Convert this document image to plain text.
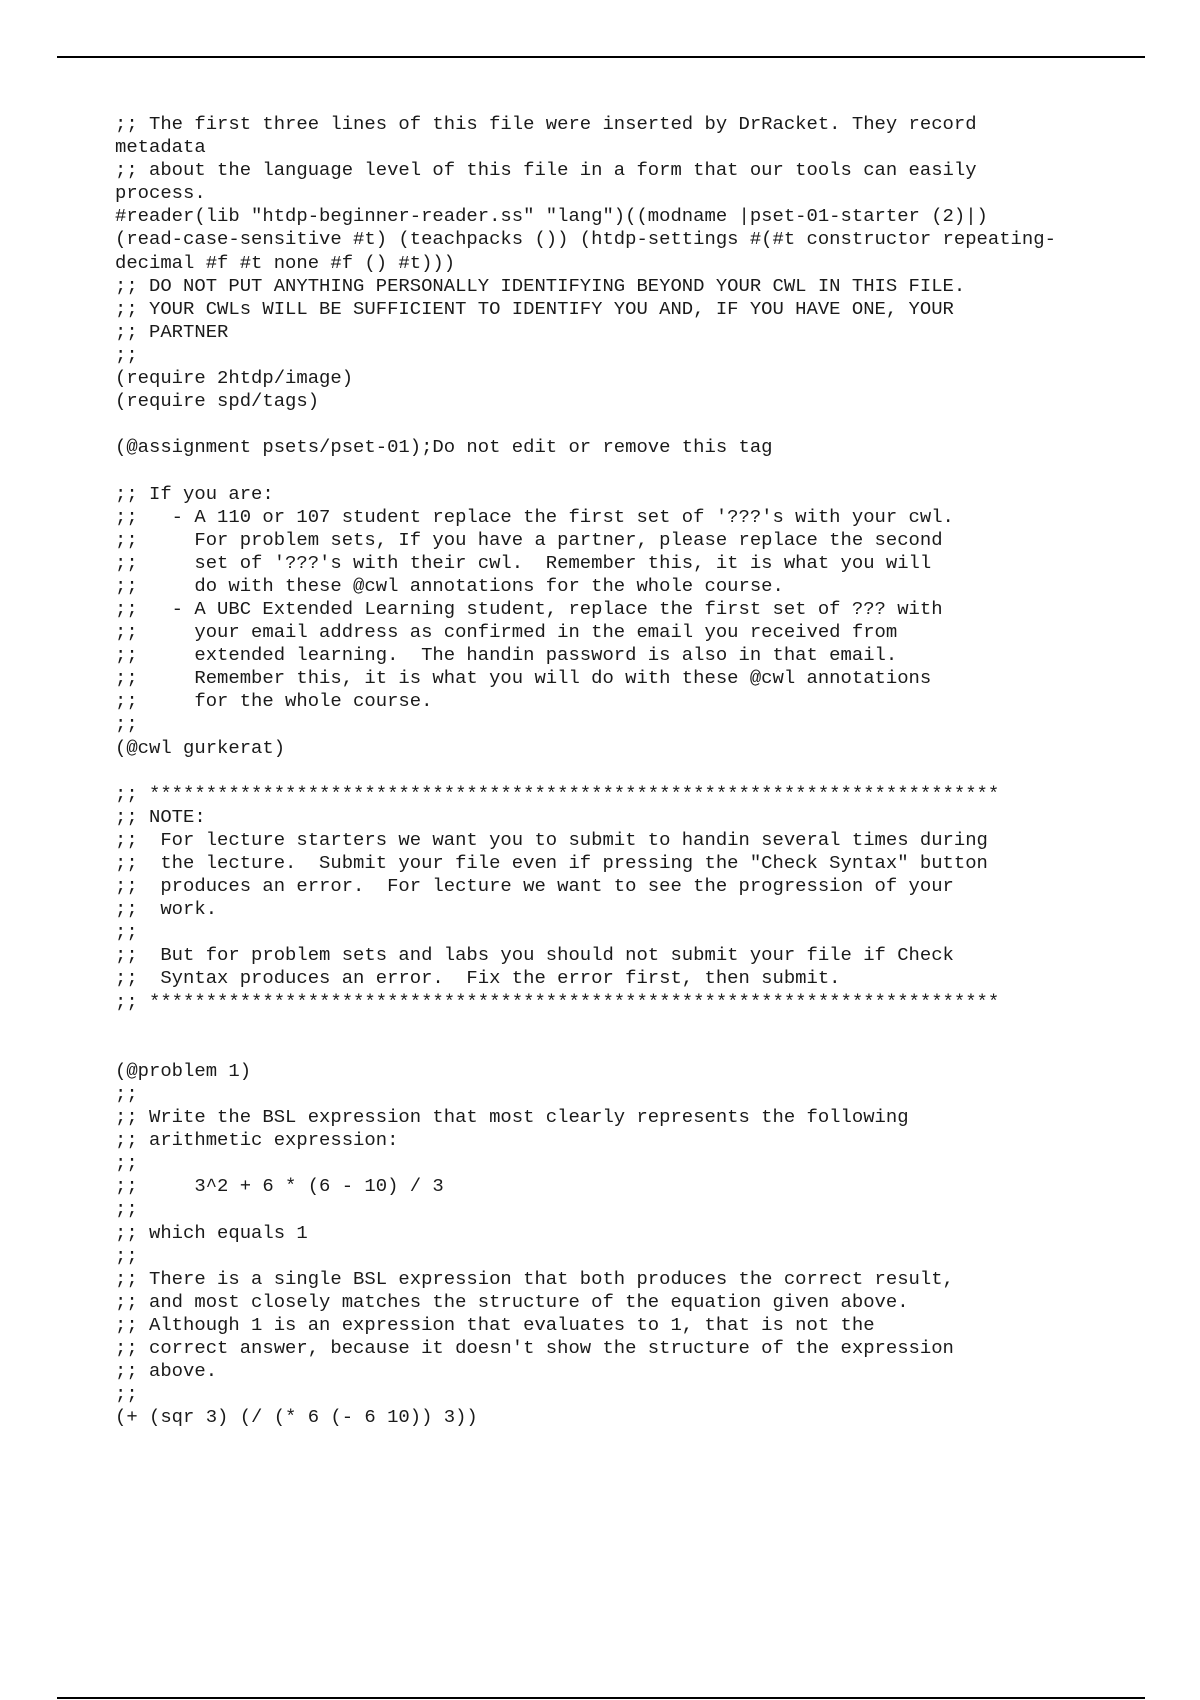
;; The first three lines of this file were inserted by DrRacket. They record
metadata
;; about the language level of this file in a form that our tools can easily
process.
#reader(lib "htdp-beginner-reader.ss" "lang")((modname |pset-01-starter (2)|)
(read-case-sensitive #t) (teachpacks ()) (htdp-settings #(#t constructor repeating-
decimal #f #t none #f () #t)))
;; DO NOT PUT ANYTHING PERSONALLY IDENTIFYING BEYOND YOUR CWL IN THIS FILE.
;; YOUR CWLs WILL BE SUFFICIENT TO IDENTIFY YOU AND, IF YOU HAVE ONE, YOUR
;; PARTNER
;;
(require 2htdp/image)
(require spd/tags)
(@assignment psets/pset-01);Do not edit or remove this tag
;; If you are:
;;   - A 110 or 107 student replace the first set of '???'s with your cwl.
;;     For problem sets, If you have a partner, please replace the second
;;     set of '???'s with their cwl.  Remember this, it is what you will
;;     do with these @cwl annotations for the whole course.
;;   - A UBC Extended Learning student, replace the first set of ??? with
;;     your email address as confirmed in the email you received from
;;     extended learning.  The handin password is also in that email.
;;     Remember this, it is what you will do with these @cwl annotations
;;     for the whole course.
;;
(@cwl gurkerat)
;; ***************************************************************************
;; NOTE:
;;  For lecture starters we want you to submit to handin several times during
;;  the lecture.  Submit your file even if pressing the "Check Syntax" button
;;  produces an error.  For lecture we want to see the progression of your
;;  work.
;;
;;  But for problem sets and labs you should not submit your file if Check
;;  Syntax produces an error.  Fix the error first, then submit.
;; ***************************************************************************
(@problem 1)
;;
;; Write the BSL expression that most clearly represents the following
;; arithmetic expression:
;;
;;     3^2 + 6 * (6 - 10) / 3
;;
;; which equals 1
;;
;; There is a single BSL expression that both produces the correct result,
;; and most closely matches the structure of the equation given above.
;; Although 1 is an expression that evaluates to 1, that is not the
;; correct answer, because it doesn't show the structure of the expression
;; above.
;;
(+ (sqr 3) (/ (* 6 (- 6 10)) 3))
